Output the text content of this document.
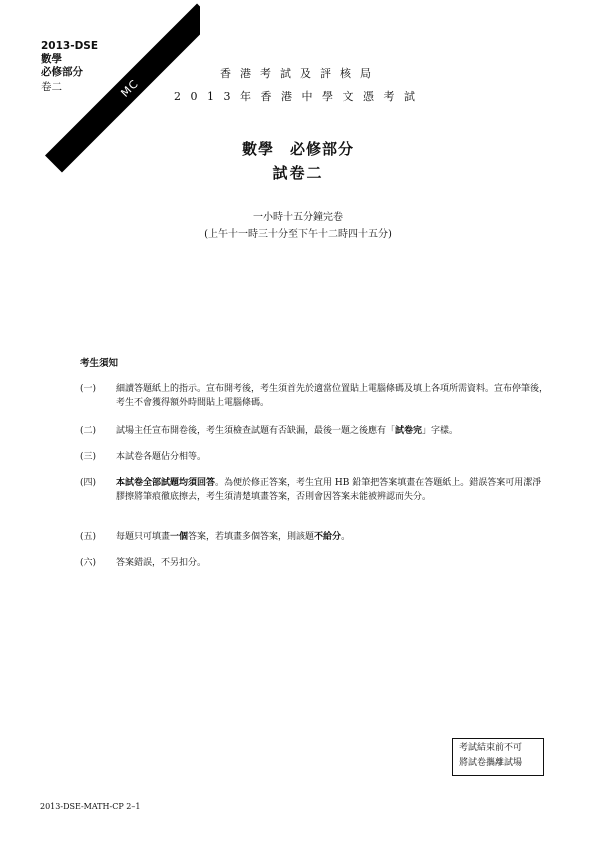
MC
2013-DSE
數學
必修部分
卷二
香港考試及評核局
2013年香港中學文憑考試
數學　必修部分
試卷二
一小時十五分鐘完卷
(上午十一時三十分至下午十二時四十五分)
考生須知
(一)	細讀答題紙上的指示。宣布開考後，考生須首先於適當位置貼上電腦條碼及填上各項所需資料。宣布停筆後，考生不會獲得額外時間貼上電腦條碼。
(二)	試場主任宣布開卷後，考生須檢查試題有否缺漏，最後一題之後應有「試卷完」字樣。
(三)	本試卷各題佔分相等。
(四)	本試卷全部試題均須回答。為便於修正答案，考生宜用 HB 鉛筆把答案填畫在答題紙上。錯誤答案可用潔淨膠擦將筆痕徹底擦去，考生須清楚填畫答案，否則會因答案未能被辨認而失分。
(五)	每題只可填畫一個答案，若填畫多個答案，則該題不給分。
(六)	答案錯誤，不另扣分。
考試結束前不可
將試卷攜離試場
2013-DSE-MATH-CP 2–1
